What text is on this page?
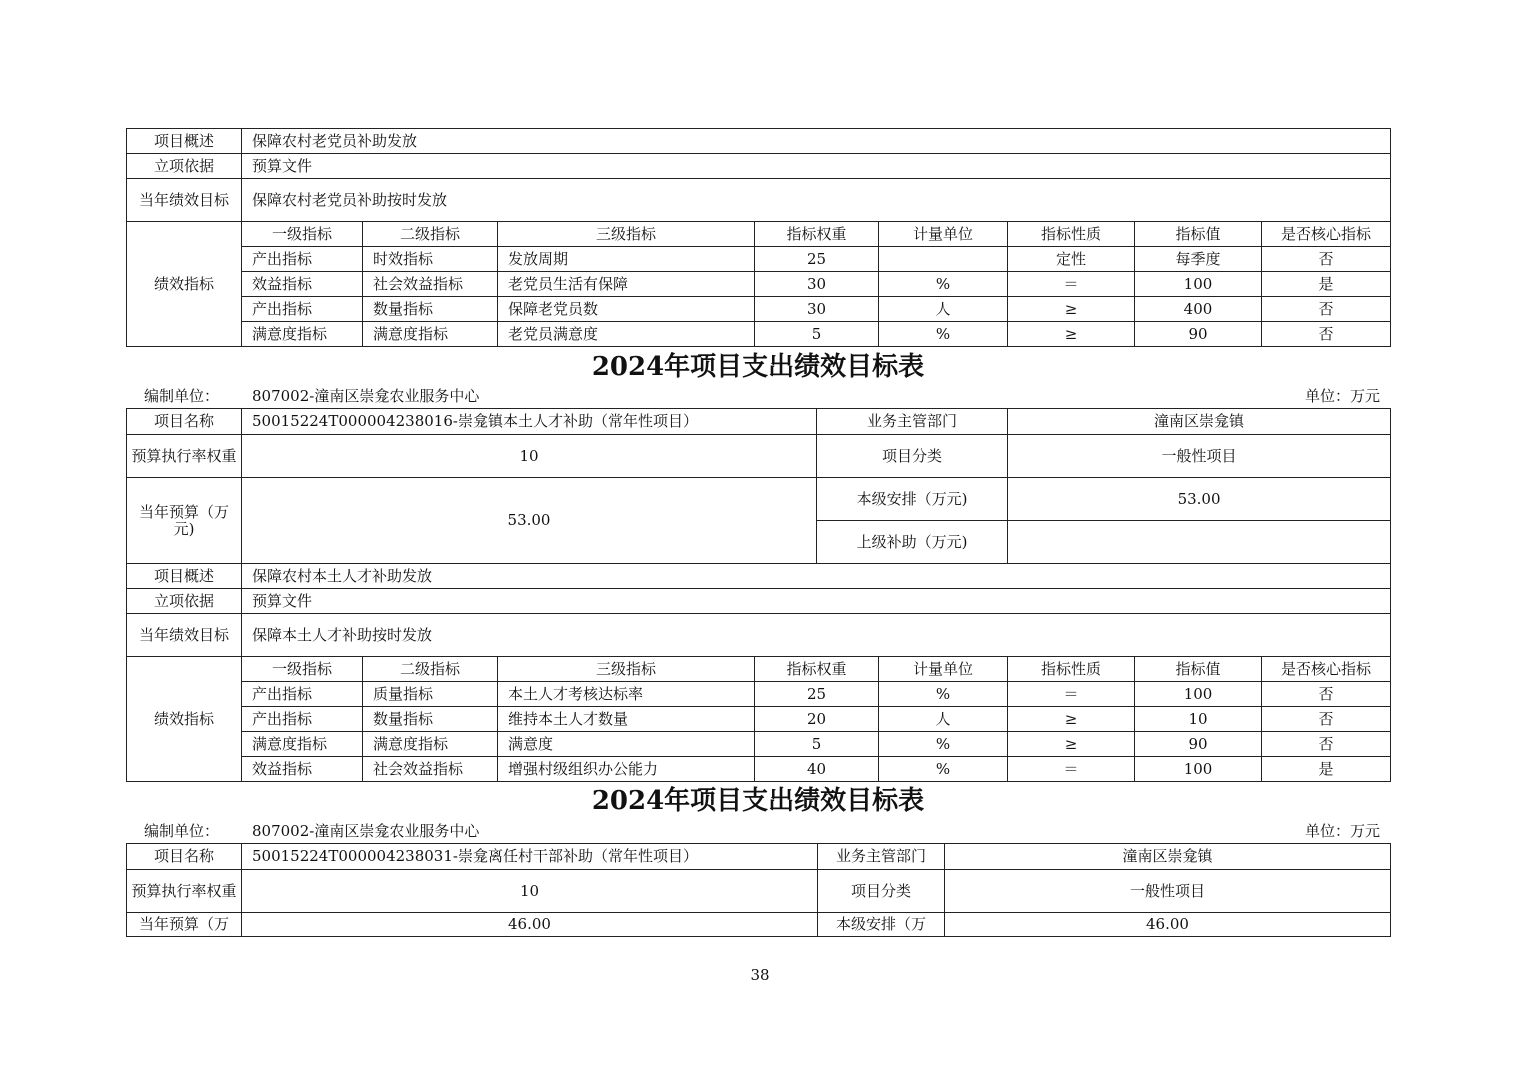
项目概述	保障农村老党员补助发放							
立项依据	预算文件							
当年绩效目标	保障农村老党员补助按时发放							
绩效指标	一级指标	二级指标	三级指标	指标权重	计量单位	指标性质	指标值	是否核心指标
	产出指标	时效指标	发放周期	25		定性	每季度	否
	效益指标	社会效益指标	老党员生活有保障	30	%	＝	100	是
	产出指标	数量指标	保障老党员数	30	人	≥	400	否
	满意度指标	满意度指标	老党员满意度	5	%	≥	90	否
2024年项目支出绩效目标表
编制单位： 807002-潼南区崇龛农业服务中心	单位：万元
项目名称	50015224T000004238016-崇龛镇本土人才补助（常年性项目）				业务主管部门		潼南区崇龛镇		
预算执行率权重	10				项目分类		一般性项目		
当年预算（万元)	53.00				本级安排（万元)		53.00		
					上级补助（万元)				
项目概述	保障农村本土人才补助发放								
立项依据	预算文件								
当年绩效目标	保障本土人才补助按时发放								
绩效指标	一级指标	二级指标	三级指标	指标权重		计量单位	指标性质	指标值	是否核心指标
	产出指标	质量指标	本土人才考核达标率	25		%	＝	100	否
	产出指标	数量指标	维持本土人才数量	20		人	≥	10	否
	满意度指标	满意度指标	满意度	5		%	≥	90	否
	效益指标	社会效益指标	增强村级组织办公能力	40		%	＝	100	是
2024年项目支出绩效目标表
编制单位： 807002-潼南区崇龛农业服务中心	单位：万元
项目名称	50015224T000004238031-崇龛离任村干部补助（常年性项目）	业务主管部门	潼南区崇龛镇
预算执行率权重	10	项目分类	一般性项目
当年预算（万	46.00	本级安排（万	46.00
38
